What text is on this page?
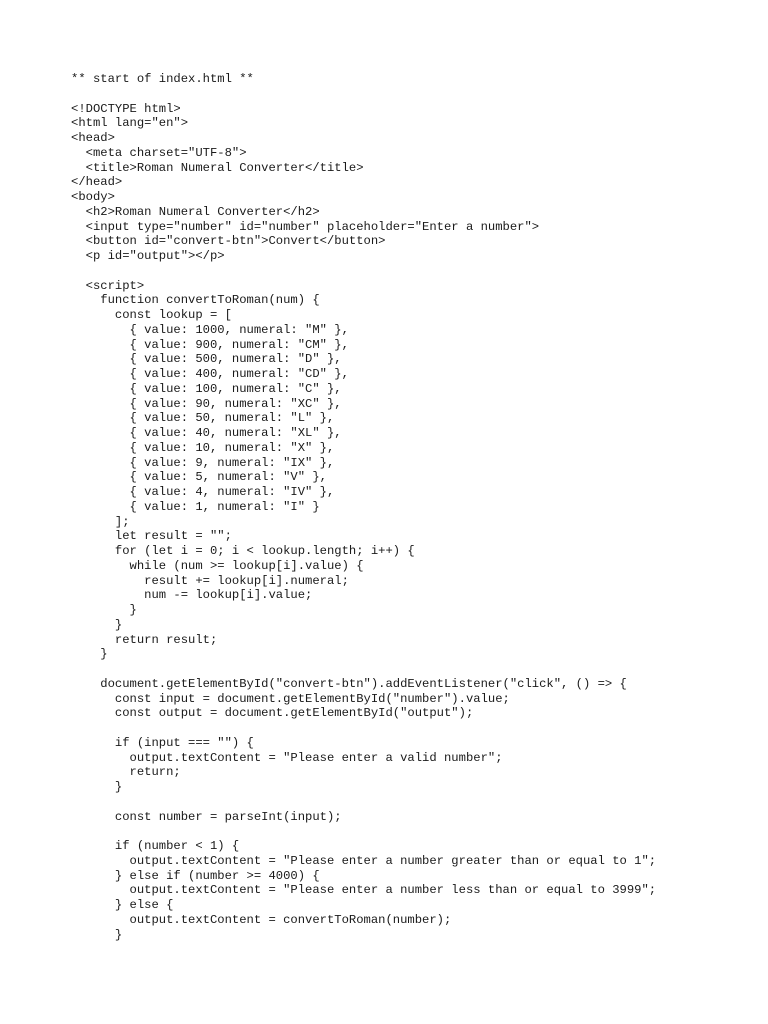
** start of index.html **
<!DOCTYPE html>
<html lang="en">
<head>
<meta charset="UTF-8">
<title>Roman Numeral Converter</title>
</head>
<body>
<h2>Roman Numeral Converter</h2>
<input type="number" id="number" placeholder="Enter a number">
<button id="convert-btn">Convert</button>
<p id="output"></p>
<script>
function convertToRoman(num) {
const lookup = [
{ value: 1000, numeral: "M" },
{ value: 900, numeral: "CM" },
{ value: 500, numeral: "D" },
{ value: 400, numeral: "CD" },
{ value: 100, numeral: "C" },
{ value: 90, numeral: "XC" },
{ value: 50, numeral: "L" },
{ value: 40, numeral: "XL" },
{ value: 10, numeral: "X" },
{ value: 9, numeral: "IX" },
{ value: 5, numeral: "V" },
{ value: 4, numeral: "IV" },
{ value: 1, numeral: "I" }
];
let result = "";
for (let i = 0; i < lookup.length; i++) {
while (num >= lookup[i].value) {
result += lookup[i].numeral;
num -= lookup[i].value;
}
}
return result;
}
document.getElementById("convert-btn").addEventListener("click", () => {
const input = document.getElementById("number").value;
const output = document.getElementById("output");
if (input === "") {
output.textContent = "Please enter a valid number";
return;
}
const number = parseInt(input);
if (number < 1) {
output.textContent = "Please enter a number greater than or equal to 1";
} else if (number >= 4000) {
output.textContent = "Please enter a number less than or equal to 3999";
} else {
output.textContent = convertToRoman(number);
}
